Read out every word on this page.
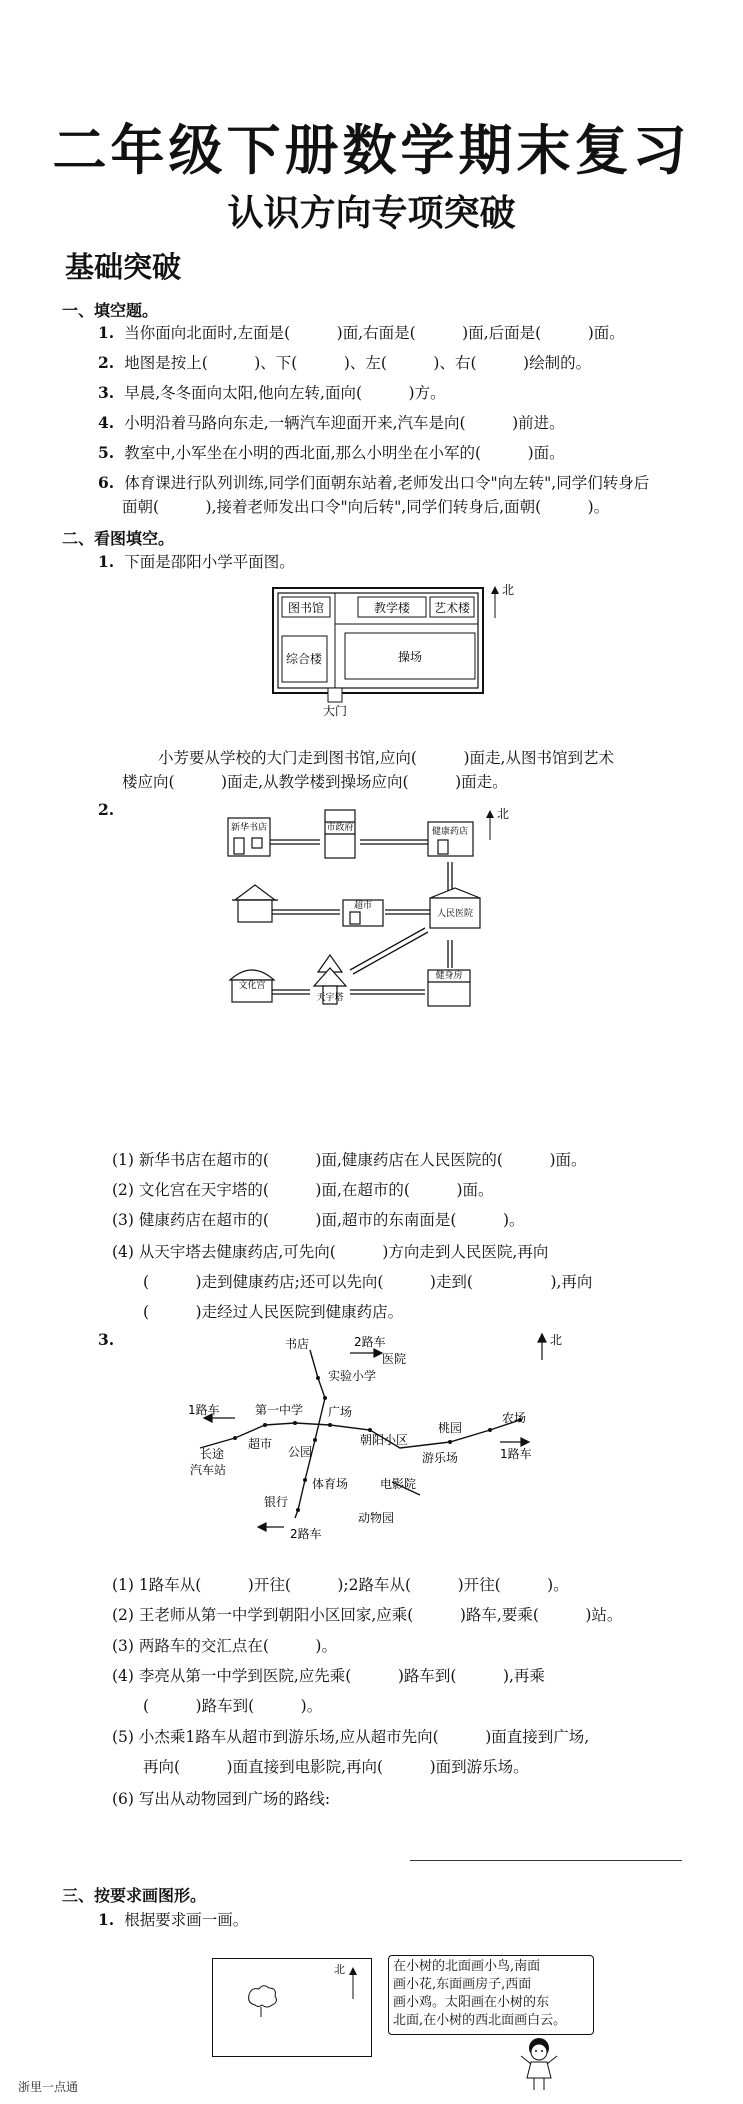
二年级下册数学期末复习
认识方向专项突破
基础突破
一、填空题。
1. 当你面向北面时,左面是(　　　)面,右面是(　　　)面,后面是(　　　)面。
2. 地图是按上(　　　)、下(　　　)、左(　　　)、右(　　　)绘制的。
3. 早晨,冬冬面向太阳,他向左转,面向(　　　)方。
4. 小明沿着马路向东走,一辆汽车迎面开来,汽车是向(　　　)前进。
5. 教室中,小军坐在小明的西北面,那么小明坐在小军的(　　　)面。
6. 体育课进行队列训练,同学们面朝东站着,老师发出口令"向左转",同学们转身后
面朝(　　　),接着老师发出口令"向后转",同学们转身后,面朝(　　　)。
二、看图填空。
1. 下面是邵阳小学平面图。
图书馆	教学楼 艺术楼
综合楼	操场
大门
北
小芳要从学校的大门走到图书馆,应向(　　　)面走,从图书馆到艺术
楼应向(　　　)面走,从教学楼到操场应向(　　　)面走。
2.
新华书店	市政府	健康药店
超市
人民医院
文化宫
天宇塔
健身房
北
(1) 新华书店在超市的(　　　)面,健康药店在人民医院的(　　　)面。
(2) 文化宫在天宇塔的(　　　)面,在超市的(　　　)面。
(3) 健康药店在超市的(　　　)面,超市的东南面是(　　　)。
(4) 从天宇塔去健康药店,可先向(　　　)方向走到人民医院,再向
　　(　　　)走到健康药店;还可以先向(　　　)走到(　　　　　),再向
　　(　　　)走经过人民医院到健康药店。
3.	书店	2路车
医院
北
实验小学
1路车	第一中学 广场
桃园
农场
长途
汽车站
超市
公园
朝阳小区
游乐场	1路车
体育场	电影院
银行
动物园
2路车
(1) 1路车从(　　　)开往(　　　);2路车从(　　　)开往(　　　)。
(2) 王老师从第一中学到朝阳小区回家,应乘(　　　)路车,要乘(　　　)站。
(3) 两路车的交汇点在(　　　)。
(4) 李亮从第一中学到医院,应先乘(　　　)路车到(　　　),再乘
　　(　　　)路车到(　　　)。
(5) 小杰乘1路车从超市到游乐场,应从超市先向(　　　)面直接到广场,
　　再向(　　　)面直接到电影院,再向(　　　)面到游乐场。
(6) 写出从动物园到广场的路线:
三、按要求画图形。
1. 根据要求画一画。
北	在小树的北面画小鸟,南面
画小花,东面画房子,西面
画小鸡。太阳画在小树的东
北面,在小树的西北面画白云。
浙里一点通
